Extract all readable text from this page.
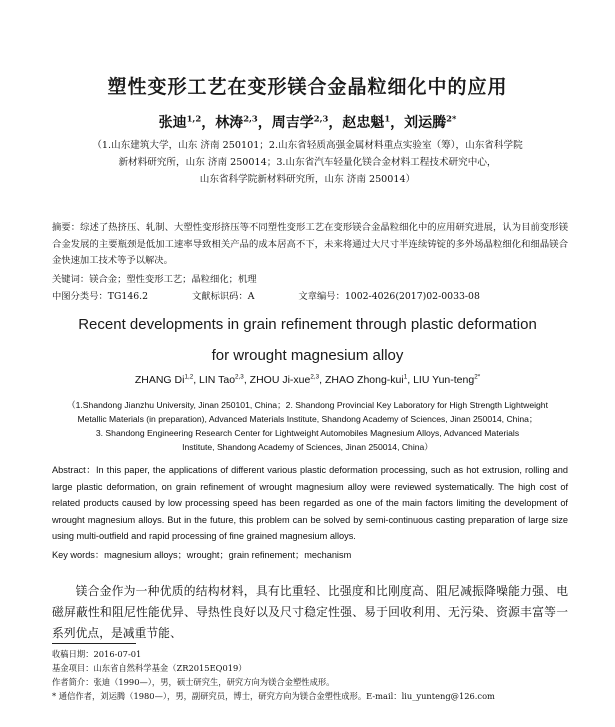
塑性变形工艺在变形镁合金晶粒细化中的应用
张迪$^{1,2}$，林涛$^{2,3}$，周吉学$^{2,3}$，赵忠魁$^1$，刘运腾$^{2*}$
（1.山东建筑大学，山东 济南 250101；2.山东省轻质高强金属材料重点实验室（筹），山东省科学院
新材料研究所，山东 济南 250014；3.山东省汽车轻量化镁合金材料工程技术研究中心，
山东省科学院新材料研究所，山东 济南 250014）
摘要：综述了热挤压、轧制、大塑性变形挤压等不同塑性变形工艺在变形镁合金晶粒细化中的应用研究进展，认为目前变形镁合金发展的主要瓶颈是低加工速率导致相关产品的成本居高不下，未来将通过大尺寸半连续铸锭的多外场晶粒细化和细晶镁合金快速加工技术等予以解决。
关键词：镁合金；塑性变形工艺；晶粒细化；机理
中图分类号：TG146.2	文献标识码：A	文章编号：1002-4026(2017)02-0033-08
Recent developments in grain refinement through plastic deformation
for wrought magnesium alloy
ZHANG Di$^{1,2}$, LIN Tao$^{2,3}$, ZHOU Ji-xue$^{2,3}$, ZHAO Zhong-kui$^1$, LIU Yun-teng$^{2*}$
（1.Shandong Jianzhu University, Jinan 250101, China；2. Shandong Provincial Key Laboratory for High Strength Lightweight
Metallic Materials (in preparation), Advanced Materials Institute, Shandong Academy of Sciences, Jinan 250014, China；
3. Shandong Engineering Research Center for Lightweight Automobiles Magnesium Alloys, Advanced Materials
Institute, Shandong Academy of Sciences, Jinan 250014, China）
Abstract：In this paper, the applications of different various plastic deformation processing, such as hot extrusion, rolling and large plastic deformation, on grain refinement of wrought magnesium alloy were reviewed systematically. The high cost of related products caused by low processing speed has been regarded as one of the main factors limiting the development of wrought magnesium alloys. But in the future, this problem can be solved by semi-continuous casting preparation of large size using multi-outfield and rapid processing of fine grained magnesium alloys.
Key words：magnesium alloys；wrought；grain refinement；mechanism
镁合金作为一种优质的结构材料，具有比重轻、比强度和比刚度高、阻尼减振降噪能力强、电磁屏蔽性和阻尼性能优异、导热性良好以及尺寸稳定性强、易于回收利用、无污染、资源丰富等一系列优点，是减重节能、
收稿日期：2016-07-01
基金项目：山东省自然科学基金（ZR2015EQ019）
作者简介：张迪（1990—），男，硕士研究生，研究方向为镁合金塑性成形。
* 通信作者，刘运腾（1980—），男，副研究员，博士，研究方向为镁合金塑性成形。E-mail：liu_yunteng@126.com
